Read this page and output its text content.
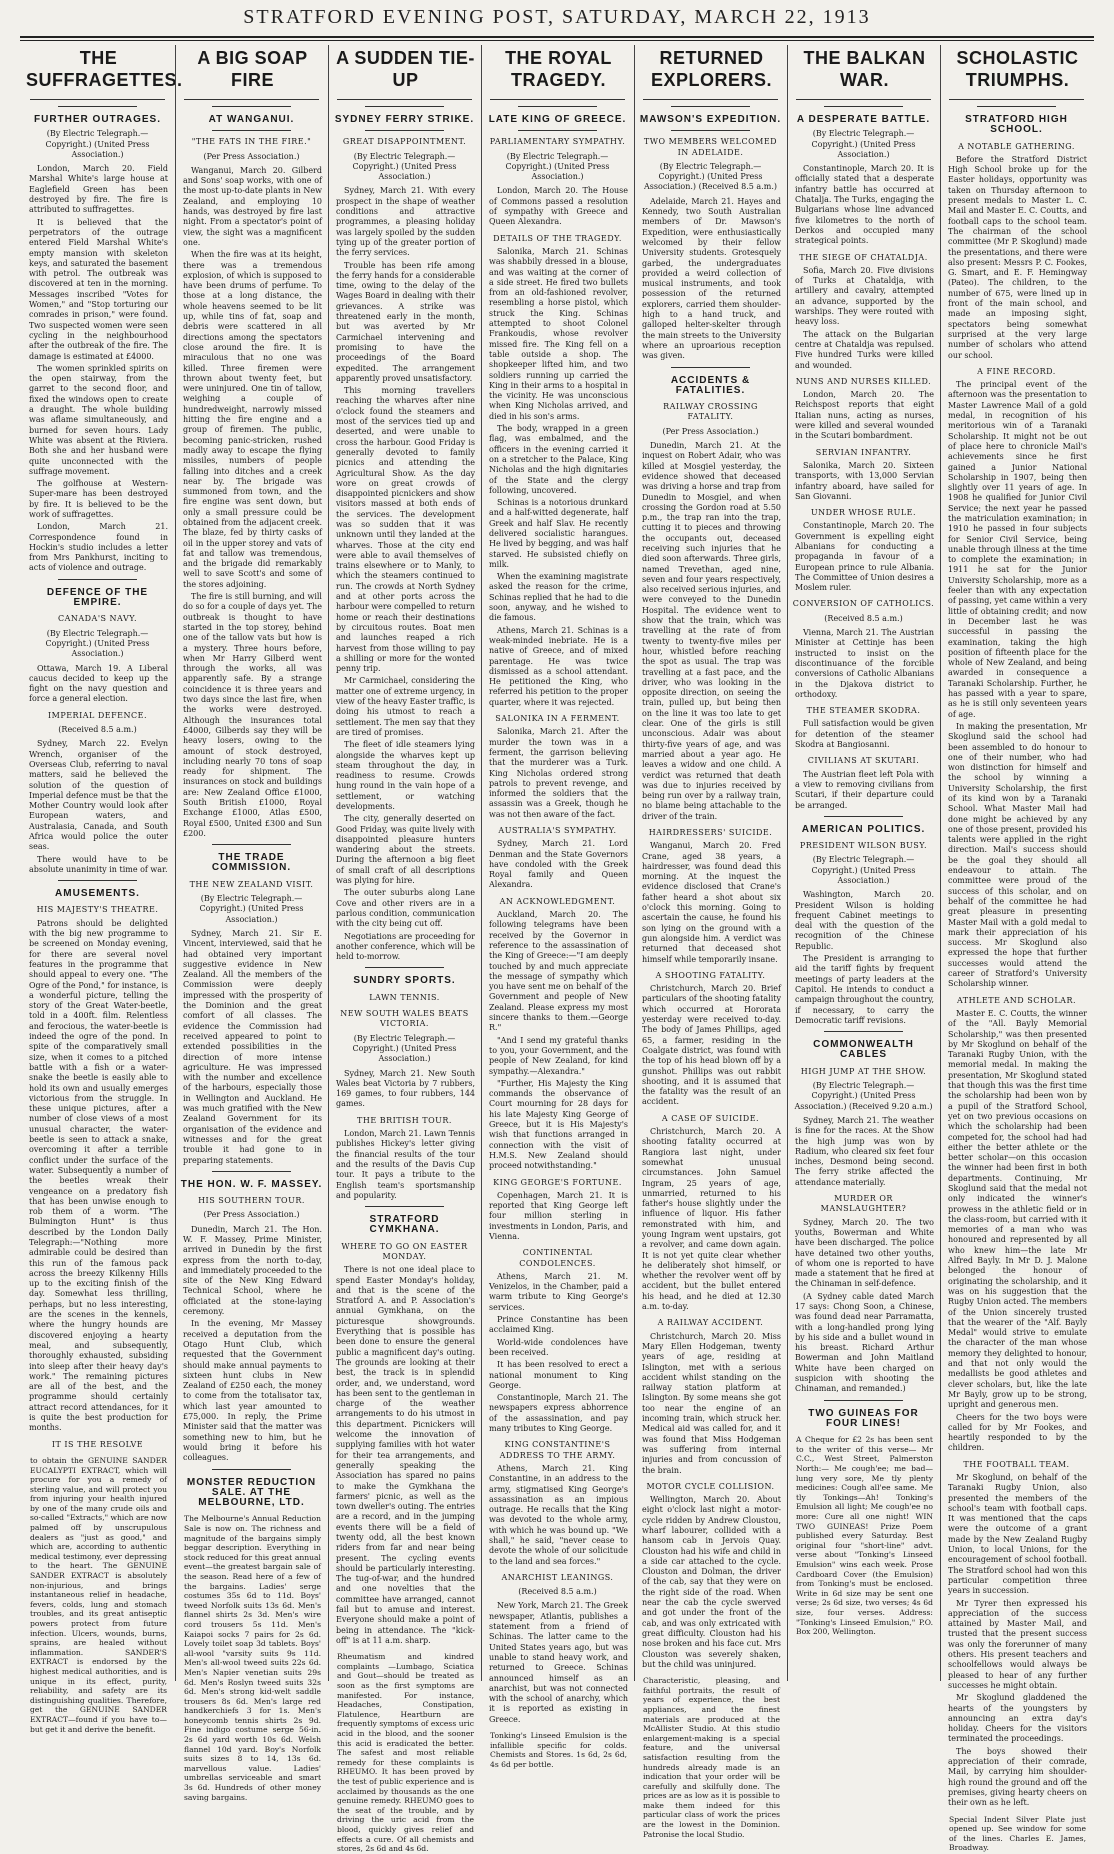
STRATFORD EVENING POST, SATURDAY, MARCH 22, 1913
THE SUFFRAGETTES.
FURTHER OUTRAGES.
(By Electric Telegraph.—Copyright.) (United Press Association.)
London, March 20. Field Marshal White's large house at Eaglefield Green has been destroyed by fire. The fire is attributed to suffragettes.
It is believed that the perpetrators of the outrage entered Field Marshal White's empty mansion with skeleton keys, and saturated the basement with petrol. The outbreak was discovered at ten in the morning. Messages inscribed "Votes for Women," and "Stop torturing our comrades in prison," were found. Two suspected women were seen cycling in the neighbourhood after the outbreak of the fire. The damage is estimated at £4000.
The women sprinkled spirits on the open stairway, from the garret to the second floor, and fixed the windows open to create a draught. The whole building was aflame simultaneously, and burned for seven hours. Lady White was absent at the Riviera. Both she and her husband were quite unconnected with the suffrage movement.
The golfhouse at Western-Super-mare has been destroyed by fire. It is believed to be the work of suffragettes.
London, March 21. Correspondence found in Hockin's studio includes a letter from Mrs Pankhurst, inciting to acts of violence and outrage.
DEFENCE OF THE EMPIRE.
CANADA'S NAVY.
(By Electric Telegraph.—Copyright.) (United Press Association.)
Ottawa, March 19. A Liberal caucus decided to keep up the fight on the navy question and force a general election.
IMPERIAL DEFENCE.
(Received 8.5 a.m.)
Sydney, March 22. Evelyn Wrench, organiser of the Overseas Club, referring to naval matters, said he believed the solution of the question of Imperial defence must be that the Mother Country would look after European waters, and Australasia, Canada, and South Africa would police the outer seas.
There would have to be absolute unanimity in time of war.
AMUSEMENTS.
HIS MAJESTY'S THEATRE.
Patrons should be delighted with the big new programme to be screened on Monday evening, for there are several novel features in the programme that should appeal to every one. "The Ogre of the Pond," for instance, is a wonderful picture, telling the story of the Great Water-beetle, told in a 400ft. film. Relentless and ferocious, the water-beetle is indeed the ogre of the pond. In spite of the comparatively small size, when it comes to a pitched battle with a fish or a water-snake the beetle is easily able to hold its own and usually emerges victorious from the struggle. In these unique pictures, after a number of close views of a most unusual character, the water-beetle is seen to attack a snake, overcoming it after a terrible conflict under the surface of the water. Subsequently a number of the beetles wreak their vengeance on a predatory fish that has been unwise enough to rob them of a worm. "The Bulmington Hunt" is thus described by the London Daily Telegraph:—"Nothing more admirable could be desired than this run of the famous pack across the breezy Kilkenny Hills up to the exciting finish of the day. Somewhat less thrilling, perhaps, but no less interesting, are the scenes in the kennels, where the hungry hounds are discovered enjoying a hearty meal, and subsequently, thoroughly exhausted, subsiding into sleep after their heavy day's work." The remaining pictures are all of the best, and the programme should certainly attract record attendances, for it is quite the best production for months.
IT IS THE RESOLVE
to obtain the GENUINE SANDER EUCALYPTI EXTRACT, which will procure for you a remedy of sterling value, and will protect you from injuring your health injured by one of the many crude oils and so-called "Extracts," which are now palmed off by unscrupulous dealers as "just as good," and which are, according to authentic medical testimony, ever depressing to the heart. The GENUINE SANDER EXTRACT is absolutely non-injurious, and brings instantaneous relief in headache, fevers, colds, lung and stomach troubles, and its great antiseptic powers protect from future infection. Ulcers, wounds, burns, sprains, are healed without inflammation. SANDER'S EXTRACT is endorsed by the highest medical authorities, and is unique in its effect, purity, reliability, and safety are its distinguishing qualities. Therefore, get the GENUINE SANDER EXTRACT—found if you have to—but get it and derive the benefit.
A BIG SOAP FIRE
AT WANGANUI.
"THE FATS IN THE FIRE."
(Per Press Association.)
Wanganui, March 20. Gilberd and Sons' soap works, with one of the most up-to-date plants in New Zealand, and employing 10 hands, was destroyed by fire last night. From a spectator's point of view, the sight was a magnificent one.
When the fire was at its height, there was a tremendous explosion, of which is supposed to have been drums of perfume. To those at a long distance, the whole heavens seemed to be lit up, while tins of fat, soap and debris were scattered in all directions among the spectators close around the fire. It is miraculous that no one was killed. Three firemen were thrown about twenty feet, but were uninjured. One tin of tallow, weighing a couple of hundredweight, narrowly missed hitting the fire engine and a group of firemen. The public, becoming panic-stricken, rushed madly away to escape the flying missiles, numbers of people falling into ditches and a creek near by. The brigade was summoned from town, and the fire engine was sent down, but only a small pressure could be obtained from the adjacent creek. The blaze, fed by thirty casks of oil in the upper storey and vats of fat and tallow was tremendous, and the brigade did remarkably well to save Scott's and some of the stores adjoining.
The fire is still burning, and will do so for a couple of days yet. The outbreak is thought to have started in the top storey, behind one of the tallow vats but how is a mystery. Three hours before, when Mr Harry Gilberd went through the works, all was apparently safe. By a strange coincidence it is three years and two days since the last fire, when the works were destroyed. Although the insurances total £4000, Gilberds say they will be heavy losers, owing to the amount of stock destroyed, including nearly 70 tons of soap ready for shipment. The insurances on stock and buildings are: New Zealand Office £1000, South British £1000, Royal Exchange £1000, Atlas £500, Royal £500, United £300 and Sun £200.
THE TRADE COMMISSION.
THE NEW ZEALAND VISIT.
(By Electric Telegraph.—Copyright.) (United Press Association.)
Sydney, March 21. Sir E. Vincent, interviewed, said that he had obtained very important suggestive evidence in New Zealand. All the members of the Commission were deeply impressed with the prosperity of the Dominion and the great comfort of all classes. The evidence the Commission had received appeared to point to extended possibilities in the direction of more intense agriculture. He was impressed with the number and excellence of the harbours, especially those in Wellington and Auckland. He was much gratified with the New Zealand Government for its organisation of the evidence and witnesses and for the great trouble it had gone to in preparing statements.
THE HON. W. F. MASSEY.
HIS SOUTHERN TOUR.
(Per Press Association.)
Dunedin, March 21. The Hon. W. F. Massey, Prime Minister, arrived in Dunedin by the first express from the north to-day, and immediately proceeded to the site of the New King Edward Technical School, where he officiated at the stone-laying ceremony.
In the evening, Mr Massey received a deputation from the Otago Hunt Club, which requested that the Government should make annual payments to sixteen hunt clubs in New Zealand of £250 each, the money to come from the totalisator tax, which last year amounted to £75,000. In reply, the Prime Minister said that the matter was something new to him, but he would bring it before his colleagues.
MONSTER REDUCTION SALE. AT THE MELBOURNE, LTD.
The Melbourne's Annual Reduction Sale is now on. The richness and magnitude of the bargains simply beggar description. Everything in stock reduced for this great annual event—the greatest bargain sale of the season. Read here of a few of the bargains. Ladies' serge costumes 35s 6d to 11d. Boys' tweed Norfolk suits 13s 6d. Men's flannel shirts 2s 3d. Men's wire cord trousers 5s 11d. Men's Kaiapoi socks 7 pairs for 2s 6d. Lovely toilet soap 3d tablets. Boys' all-wool "varsity suits 9s 11d. Men's all-wool tweed suits 22s 6d. Men's Napier venetian suits 29s 6d. Men's Roslyn tweed suits 32s 6d. Men's strong kid-welt saddle trousers 8s 6d. Men's large red handkerchiefs 3 for 1s. Men's honeycomb tennis shirts 2s 9d. Fine indigo costume serge 56-in. 2s 6d yard worth 10s 6d. Welsh flannel 10d yard. Boy's Norfolk suits sizes 8 to 14, 13s 6d. marvellous value. Ladies' umbrellas serviceable and smart 3s 6d. Hundreds of other money saving bargains.
A SUDDEN TIE-UP
SYDNEY FERRY STRIKE.
GREAT DISAPPOINTMENT.
(By Electric Telegraph.—Copyright.) (United Press Association.)
Sydney, March 21. With every prospect in the shape of weather conditions and attractive programmes, a pleasing holiday was largely spoiled by the sudden tying up of the greater portion of the ferry services.
Trouble has been rife among the ferry hands for a considerable time, owing to the delay of the Wages Board in dealing with their grievances. A strike was threatened early in the month, but was averted by Mr Carmichael intervening and promising to have the proceedings of the Board expedited. The arrangement apparently proved unsatisfactory.
This morning travellers reaching the wharves after nine o'clock found the steamers and most of the services tied up and deserted, and were unable to cross the harbour. Good Friday is generally devoted to family picnics and attending the Agricultural Show. As the day wore on great crowds of disappointed picnickers and show visitors massed at both ends of the services. The development was so sudden that it was unknown until they landed at the wharves. Those at the city end were able to avail themselves of trains elsewhere or to Manly, to which the steamers continued to run. The crowds at North Sydney and at other ports across the harbour were compelled to return home or reach their destinations by circuitous routes. Boat men and launches reaped a rich harvest from those willing to pay a shilling or more for the wonted penny trip.
Mr Carmichael, considering the matter one of extreme urgency, in view of the heavy Easter traffic, is doing his utmost to reach a settlement. The men say that they are tired of promises.
The fleet of idle steamers lying alongside the wharves kept up steam throughout the day, in readiness to resume. Crowds hung round in the vain hope of a settlement, or watching developments.
The city, generally deserted on Good Friday, was quite lively with disappointed pleasure hunters wandering about the streets. During the afternoon a big fleet of small craft of all descriptions was plying for hire.
The outer suburbs along Lane Cove and other rivers are in a parlous condition, communication with the city being cut off.
Negotiations are proceeding for another conference, which will be held to-morrow.
SUNDRY SPORTS.
LAWN TENNIS.
NEW SOUTH WALES BEATS VICTORIA.
(By Electric Telegraph.—Copyright.) (United Press Association.)
Sydney, March 21. New South Wales beat Victoria by 7 rubbers, 169 games, to four rubbers, 144 games.
THE BRITISH TOUR.
London, March 21. Lawn Tennis publishes Hickey's letter giving the financial results of the tour and the results of the Davis Cup tour. It pays a tribute to the English team's sportsmanship and popularity.
STRATFORD CYMKHANA.
WHERE TO GO ON EASTER MONDAY.
There is not one ideal place to spend Easter Monday's holiday, and that is the scene of the Stratford A. and P. Association's annual Gymkhana, on the picturesque showgrounds. Everything that is possible has been done to ensure the general public a magnificent day's outing. The grounds are looking at their best, the track is in splendid order, and, we understand, word has been sent to the gentleman in charge of the weather arrangements to do his utmost in this department. Picnickers will welcome the innovation of supplying families with hot water for their tea arrangements, and generally speaking the Association has spared no pains to make the Gymkhana the farmers' picnic, as well as the town dweller's outing. The entries are a record, and in the jumping events there will be a field of twenty odd, all the best known riders from far and near being present. The cycling events should be particularly interesting. The tug-of-war, and the hundred and one novelties that the committee have arranged, cannot fail but to amuse and interest. Everyone should make a point of being in attendance. The "kick-off" is at 11 a.m. sharp.
Rheumatism and kindred complaints —Lumbago, Sciatica and Gout—should be treated as soon as the first symptoms are manifested. For instance, Headaches, Constipation, Flatulence, Heartburn are frequently symptoms of excess uric acid in the blood, and the sooner this acid is eradicated the better. The safest and most reliable remedy for these complaints is RHEUMO. It has been proved by the test of public experience and is acclaimed by thousands as the one genuine remedy. RHEUMO goes to the seat of the trouble, and by driving the uric acid from the blood, quickly gives relief and effects a cure. Of all chemists and stores, 2s 6d and 4s 6d.
THE ROYAL TRAGEDY.
LATE KING OF GREECE.
PARLIAMENTARY SYMPATHY.
(By Electric Telegraph.—Copyright.) (United Press Association.)
London, March 20. The House of Commons passed a resolution of sympathy with Greece and Queen Alexandra.
DETAILS OF THE TRAGEDY.
Salonika, March 21. Schinas was shabbily dressed in a blouse, and was waiting at the corner of a side street. He fired two bullets from an old-fashioned revolver, resembling a horse pistol, which struck the King. Schinas attempted to shoot Colonel Frankoudis, whose revolver missed fire. The King fell on a table outside a shop. The shopkeeper lifted him, and two soldiers running up carried the King in their arms to a hospital in the vicinity. He was unconscious when King Nicholas arrived, and died in his son's arms.
The body, wrapped in a green flag, was embalmed, and the officers in the evening carried it on a stretcher to the Palace, King Nicholas and the high dignitaries of the State and the clergy following, uncovered.
Schinas is a notorious drunkard and a half-witted degenerate, half Greek and half Slav. He recently delivered socialistic harangues. He lived by begging, and was half starved. He subsisted chiefly on milk.
When the examining magistrate asked the reason for the crime, Schinas replied that he had to die soon, anyway, and he wished to die famous.
Athens, March 21. Schinas is a weak-minded inebriate. He is a native of Greece, and of mixed parentage. He was twice dismissed as a school attendant. He petitioned the King, who referred his petition to the proper quarter, where it was rejected.
SALONIKA IN A FERMENT.
Salonika, March 21. After the murder the town was in a ferment, the garrison believing that the murderer was a Turk. King Nicholas ordered strong patrols to prevent revenge, and informed the soldiers that the assassin was a Greek, though he was not then aware of the fact.
AUSTRALIA'S SYMPATHY.
Sydney, March 21. Lord Denman and the State Governors have condoled with the Greek Royal family and Queen Alexandra.
AN ACKNOWLEDGMENT.
Auckland, March 20. The following telegrams have been received by the Governor in reference to the assassination of the King of Greece:—"I am deeply touched by and much appreciate the message of sympathy which you have sent me on behalf of the Government and people of New Zealand. Please express my most sincere thanks to them.—George R."
"And I send my grateful thanks to you, your Government, and the people of New Zealand, for kind sympathy.—Alexandra."
"Further, His Majesty the King commands the observance of Court mourning for 28 days for his late Majesty King George of Greece, but it is His Majesty's wish that functions arranged in connection with the visit of H.M.S. New Zealand should proceed notwithstanding."
KING GEORGE'S FORTUNE.
Copenhagen, March 21. It is reported that King George left four million sterling in investments in London, Paris, and Vienna.
CONTINENTAL CONDOLENCES.
Athens, March 21. M. Venizelos, in the Chamber, paid a warm tribute to King George's services.
Prince Constantine has been acclaimed King.
World-wide condolences have been received.
It has been resolved to erect a national monument to King George.
Constantinople, March 21. The newspapers express abhorrence of the assassination, and pay many tributes to King George.
KING CONSTANTINE'S ADDRESS TO THE ARMY.
Athens, March 21. King Constantine, in an address to the army, stigmatised King George's assassination as an impious outrage. He recalls that the King was devoted to the whole army, with which he was bound up. "We shall," he said, "never cease to devote the whole of our solicitude to the land and sea forces."
ANARCHIST LEANINGS.
(Received 8.5 a.m.)
New York, March 21. The Greek newspaper, Atlantis, publishes a statement from a friend of Schinas. The latter came to the United States years ago, but was unable to stand heavy work, and returned to Greece. Schinas announced himself as an anarchist, but was not connected with the school of anarchy, which it is reported as existing in Greece.
Tonking's Linseed Emulsion is the infallible specific for colds. Chemists and Stores. 1s 6d, 2s 6d, 4s 6d per bottle.
RETURNED EXPLORERS.
MAWSON'S EXPEDITION.
TWO MEMBERS WELCOMED IN ADELAIDE.
(By Electric Telegraph.—Copyright.) (United Press Association.) (Received 8.5 a.m.)
Adelaide, March 21. Hayes and Kennedy, two South Australian members of Dr. Mawson's Expedition, were enthusiastically welcomed by their fellow University students. Grotesquely garbed, the undergraduates provided a weird collection of musical instruments, and took possession of the returned explorers, carried them shoulder-high to a hand truck, and galloped helter-skelter through the main streets to the University where an uproarious reception was given.
ACCIDENTS & FATALITIES.
RAILWAY CROSSING FATALITY.
(Per Press Association.)
Dunedin, March 21. At the inquest on Robert Adair, who was killed at Mosgiel yesterday, the evidence showed that deceased was driving a horse and trap from Dunedin to Mosgiel, and when crossing the Gordon road at 5.50 p.m., the trap ran into the trap, cutting it to pieces and throwing the occupants out, deceased receiving such injuries that he died soon afterwards. Three girls, named Trevethan, aged nine, seven and four years respectively, also received serious injuries, and were conveyed to the Dunedin Hospital. The evidence went to show that the train, which was travelling at the rate of from twenty to twenty-five miles per hour, whistled before reaching the spot as usual. The trap was travelling at a fast pace, and the driver, who was looking in the opposite direction, on seeing the train, pulled up, but being then on the line it was too late to get clear. One of the girls is still unconscious. Adair was about thirty-five years of age, and was married about a year ago. He leaves a widow and one child. A verdict was returned that death was due to injuries received by being run over by a railway train, no blame being attachable to the driver of the train.
HAIRDRESSERS' SUICIDE.
Wanganui, March 20. Fred Crane, aged 38 years, a hairdresser, was found dead this morning. At the inquest the evidence disclosed that Crane's father heard a shot about six o'clock this morning. Going to ascertain the cause, he found his son lying on the ground with a gun alongside him. A verdict was returned that deceased shot himself while temporarily insane.
A SHOOTING FATALITY.
Christchurch, March 20. Brief particulars of the shooting fatality which occurred at Hororata yesterday were received to-day. The body of James Phillips, aged 65, a farmer, residing in the Coalgate district, was found with the top of his head blown off by a gunshot. Phillips was out rabbit shooting, and it is assumed that the fatality was the result of an accident.
A CASE OF SUICIDE.
Christchurch, March 20. A shooting fatality occurred at Rangiora last night, under somewhat unusual circumstances. John Samuel Ingram, 25 years of age, unmarried, returned to his father's house slightly under the influence of liquor. His father remonstrated with him, and young Ingram went upstairs, got a revolver, and came down again. It is not yet quite clear whether he deliberately shot himself, or whether the revolver went off by accident, but the bullet entered his head, and he died at 12.30 a.m. to-day.
A RAILWAY ACCIDENT.
Christchurch, March 20. Miss Mary Ellen Hodgeman, twenty years of age, residing at Islington, met with a serious accident whilst standing on the railway station platform at Islington. By some means she got too near the engine of an incoming train, which struck her. Medical aid was called for, and it was found that Miss Hodgeman was suffering from internal injuries and from concussion of the brain.
MOTOR CYCLE COLLISION.
Wellington, March 20. About eight o'clock last night a motor-cycle ridden by Andrew Cloustou, wharf labourer, collided with a hansom cab in Jervois Quay. Clouston had his wife and child in a side car attached to the cycle. Clouston and Dolman, the driver of the cab, say that they were on the right side of the road. When near the cab the cycle swerved and got under the front of the cab, and was only extricated with great difficulty. Clouston had his nose broken and his face cut. Mrs Clouston was severely shaken, but the child was uninjured.
Characteristic, pleasing, and faithful portraits, the result of years of experience, the best appliances, and the finest materials are produced at the McAllister Studio. At this studio enlargement-making is a special feature, and the universal satisfaction resulting from the hundreds already made is an indication that your order will be carefully and skilfully done. The prices are as low as it is possible to make them indeed for this particular class of work the prices are the lowest in the Dominion. Patronise the local Studio.
THE BALKAN WAR.
A DESPERATE BATTLE.
(By Electric Telegraph.—Copyright.) (United Press Association.)
Constantinople, March 20. It is officially stated that a desperate infantry battle has occurred at Chatalja. The Turks, engaging the Bulgarians whose line advanced five kilometres to the north of Derkos and occupied many strategical points.
THE SIEGE OF CHATALDJA.
Sofia, March 20. Five divisions of Turks at Chataldja, with artillery and cavalry, attempted an advance, supported by the warships. They were routed with heavy loss.
The attack on the Bulgarian centre at Chataldja was repulsed. Five hundred Turks were killed and wounded.
NUNS AND NURSES KILLED.
London, March 20. The Reichspost reports that eight Italian nuns, acting as nurses, were killed and several wounded in the Scutari bombardment.
SERVIAN INFANTRY.
Salonika, March 20. Sixteen transports, with 13,000 Servian infantry aboard, have sailed for San Giovanni.
UNDER WHOSE RULE.
Constantinople, March 20. The Government is expelling eight Albanians for conducting a propaganda in favour of a European prince to rule Albania. The Committee of Union desires a Moslem ruler.
CONVERSION OF CATHOLICS.
(Received 8.5 a.m.)
Vienna, March 21. The Austrian Minister at Cettinje has been instructed to insist on the discontinuance of the forcible conversions of Catholic Albanians in the Djakova district to orthodoxy.
THE STEAMER SKODRA.
Full satisfaction would be given for detention of the steamer Skodra at Bangiosanni.
CIVILIANS AT SKUTARI.
The Austrian fleet left Pola with a view to removing civilians from Scutari, if their departure could be arranged.
AMERICAN POLITICS.
PRESIDENT WILSON BUSY.
(By Electric Telegraph.—Copyright.) (United Press Association.)
Washington, March 20. President Wilson is holding frequent Cabinet meetings to deal with the question of the recognition of the Chinese Republic.
The President is arranging to aid the tariff fights by frequent meetings of party leaders at the Capitol. He intends to conduct a campaign throughout the country, if necessary, to carry the Democratic tariff revisions.
COMMONWEALTH CABLES
HIGH JUMP AT THE SHOW.
(By Electric Telegraph.—Copyright.) (United Press Association.) (Received 9.20 a.m.)
Sydney, March 21. The weather is fine for the races. At the Show the high jump was won by Radium, who cleared six feet four inches, Desmond being second. The ferry strike affected the attendance materially.
MURDER OR MANSLAUGHTER?
Sydney, March 20. The two youths, Bowerman and White have been discharged. The police have detained two other youths, of whom one is reported to have made a statement that he fired at the Chinaman in self-defence.
(A Sydney cable dated March 17 says: Chong Soon, a Chinese, was found dead near Parramatta, with a long-handled prong lying by his side and a bullet wound in his breast. Richard Arthur Bowerman and John Maitland White have been charged on suspicion with shooting the Chinaman, and remanded.)
TWO GUINEAS FOR FOUR LINES!
A Cheque for £2 2s has been sent to the writer of this verse— Mr C.C., West Street, Palmerston North:— Me cough'ee; me bad—lung very sore, Me tly plenty medicines: Cough all'ee same. Me tly Tonkings—Ah! Tonking's Emulsion all light; Me cough'ee no more: Cure all one night! WIN TWO GUINEAS! Prize Poem published every Saturday. Best original four "short-line" advt. verse about "Tonking's Linseed Emulsion" wins each week. Prose Cardboard Cover (the Emulsion) from Tonking's must be enclosed. Write in 6d size may be sent one verse; 2s 6d size, two verses; 4s 6d size, four verses. Address: "Tonking's Linseed Emulsion," P.O. Box 200, Wellington.
SCHOLASTIC TRIUMPHS.
STRATFORD HIGH SCHOOL.
A NOTABLE GATHERING.
Before the Stratford District High School broke up for the Easter holidays, opportunity was taken on Thursday afternoon to present medals to Master L. C. Mail and Master E. C. Coutts, and football caps to the school team. The chairman of the school committee (Mr P. Skoglund) made the presentations, and there were also present: Messrs P. C. Fookes, G. Smart, and E. F. Hemingway (Pateo). The children, to the number of 675, were lined up in front of the main school, and made an imposing sight, spectators being somewhat surprised at the very large number of scholars who attend our school.
A FINE RECORD.
The principal event of the afternoon was the presentation to Master Lawrence Mail of a gold medal, in recognition of his meritorious win of a Taranaki Scholarship. It might not be out of place here to chronicle Mail's achievements since he first gained a Junior National Scholarship in 1907, being then slightly over 11 years of age. In 1908 he qualified for Junior Civil Service; the next year he passed the matriculation examination; in 1910 he passed in four subjects for Senior Civil Service, being unable through illness at the time to complete the examination; in 1911 he sat for the Junior University Scholarship, more as a feeler than with any expectation of passing, yet came within a very little of obtaining credit; and now in December last he was successful in passing the examination, taking the high position of fifteenth place for the whole of New Zealand, and being awarded in consequence a Taranaki Scholarship. Further, he has passed with a year to spare, as he is still only seventeen years of age.
In making the presentation, Mr Skoglund said the school had been assembled to do honour to one of their number, who had won distinction for himself and the school by winning a University Scholarship, the first of its kind won by a Taranaki School. What Master Mail had done might be achieved by any one of those present, provided his talents were applied in the right direction. Mail's success should be the goal they should all endeavour to attain. The committee were proud of the success of this scholar, and on behalf of the committee he had great pleasure in presenting Master Mail with a gold medal to mark their appreciation of his success. Mr Skoglund also expressed the hope that further successes would attend the career of Stratford's University Scholarship winner.
ATHLETE AND SCHOLAR.
Master E. C. Coutts, the winner of the "All. Bayly Memorial Scholarship," was then presented by Mr Skoglund on behalf of the Taranaki Rugby Union, with the memorial medal. In making the presentation, Mr Skoglund stated that though this was the first time the scholarship had been won by a pupil of the Stratford School, yet on two previous occasions on which the scholarship had been competed for, the school had had either the better athlete or the better scholar—on this occasion the winner had been first in both departments. Continuing, Mr Skoglund said that the medal not only indicated the winner's prowess in the athletic field or in the class-room, but carried with it memories of a man who was honoured and represented by all who knew him—the late Mr Alfred Bayly. In Mr D. J. Malone belonged the honour of originating the scholarship, and it was on his suggestion that the Rugby Union acted. The members of the Union sincerely trusted that the wearer of the "Alf. Bayly Medal" would strive to emulate the character of the man whose memory they delighted to honour, and that not only would the medallists be good athletes and clever scholars, but, like the late Mr Bayly, grow up to be strong, upright and generous men.
Cheers for the two boys were called for by Mr Fookes, and heartily responded to by the children.
THE FOOTBALL TEAM.
Mr Skoglund, on behalf of the Taranaki Rugby Union, also presented the members of the school's team with football caps. It was mentioned that the caps were the outcome of a grant made by the New Zealand Rugby Union, to local Unions, for the encouragement of school football. The Stratford school had won this particular competition three years in succession.
Mr Tyrer then expressed his appreciation of the success attained by Master Mail, and trusted that the present success was only the forerunner of many others. His present teachers and schoolfellows would always be pleased to hear of any further successes he might obtain.
Mr Skoglund gladdened the hearts of the youngsters by announcing an extra day's holiday. Cheers for the visitors terminated the proceedings.
The boys showed their appreciation of their comrade, Mail, by carrying him shoulder-high round the ground and off the premises, giving hearty cheers on their own as he left.
Special Indent Silver Plate just opened up. See window for some of the lines. Charles E. James, Broadway.
